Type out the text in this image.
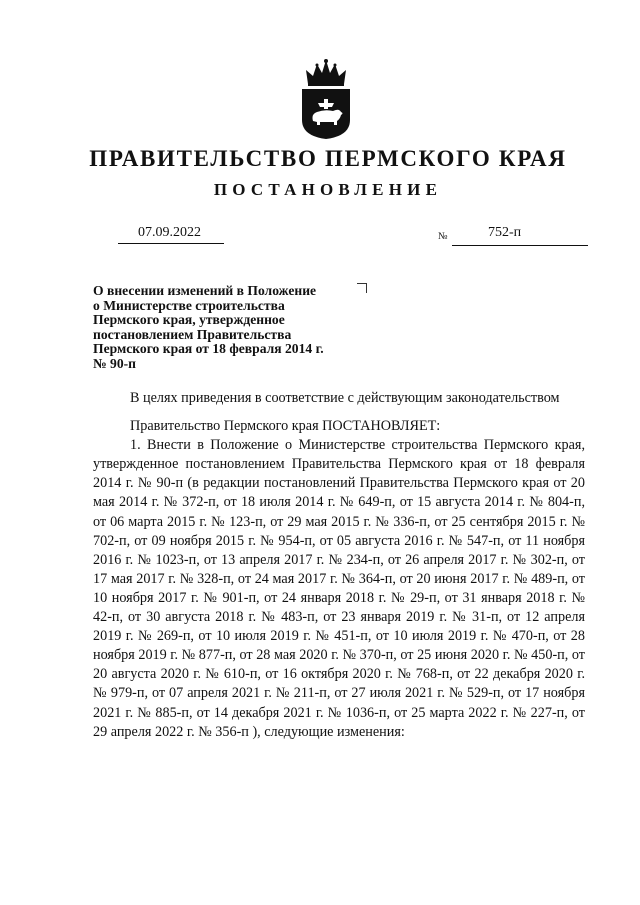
ПРАВИТЕЛЬСТВО ПЕРМСКОГО КРАЯ
ПОСТАНОВЛЕНИЕ
07.09.2022	№	752-п
О внесении изменений в Положение
о Министерстве строительства
Пермского края, утвержденное
постановлением Правительства
Пермского края от 18 февраля 2014 г.
№ 90-п

В целях приведения в соответствие с действующим законодательством

Правительство Пермского края ПОСТАНОВЛЯЕТ:

1. Внести в Положение о Министерстве строительства Пермского края, утвержденное постановлением Правительства Пермского края от 18 февраля 2014 г. № 90-п (в редакции постановлений Правительства Пермского края от 20 мая 2014 г. № 372-п, от 18 июля 2014 г. № 649-п, от 15 августа 2014 г. № 804-п, от 06 марта 2015 г. № 123-п, от 29 мая 2015 г. № 336-п, от 25 сентября 2015 г. № 702-п, от 09 ноября 2015 г. № 954-п, от 05 августа 2016 г. № 547-п, от 11 ноября 2016 г. № 1023-п, от 13 апреля 2017 г. № 234-п, от 26 апреля 2017 г. № 302-п, от 17 мая 2017 г. № 328-п, от 24 мая 2017 г. № 364-п, от 20 июня 2017 г. № 489-п, от 10 ноября 2017 г. № 901-п, от 24 января 2018 г. № 29-п, от 31 января 2018 г. № 42-п, от 30 августа 2018 г. № 483-п, от 23 января 2019 г. № 31-п, от 12 апреля 2019 г. № 269-п, от 10 июля 2019 г. № 451-п, от 10 июля 2019 г. № 470-п, от 28 ноября 2019 г. № 877-п, от 28 мая 2020 г. № 370-п, от 25 июня 2020 г. № 450-п, от 20 августа 2020 г. № 610-п, от 16 октября 2020 г. № 768-п, от 22 декабря 2020 г. № 979-п, от 07 апреля 2021 г. № 211-п, от 27 июля 2021 г. № 529-п, от 17 ноября 2021 г. № 885-п, от 14 декабря 2021 г. № 1036-п, от 25 марта 2022 г. № 227-п, от 29 апреля 2022 г. № 356-п ), следующие изменения:
